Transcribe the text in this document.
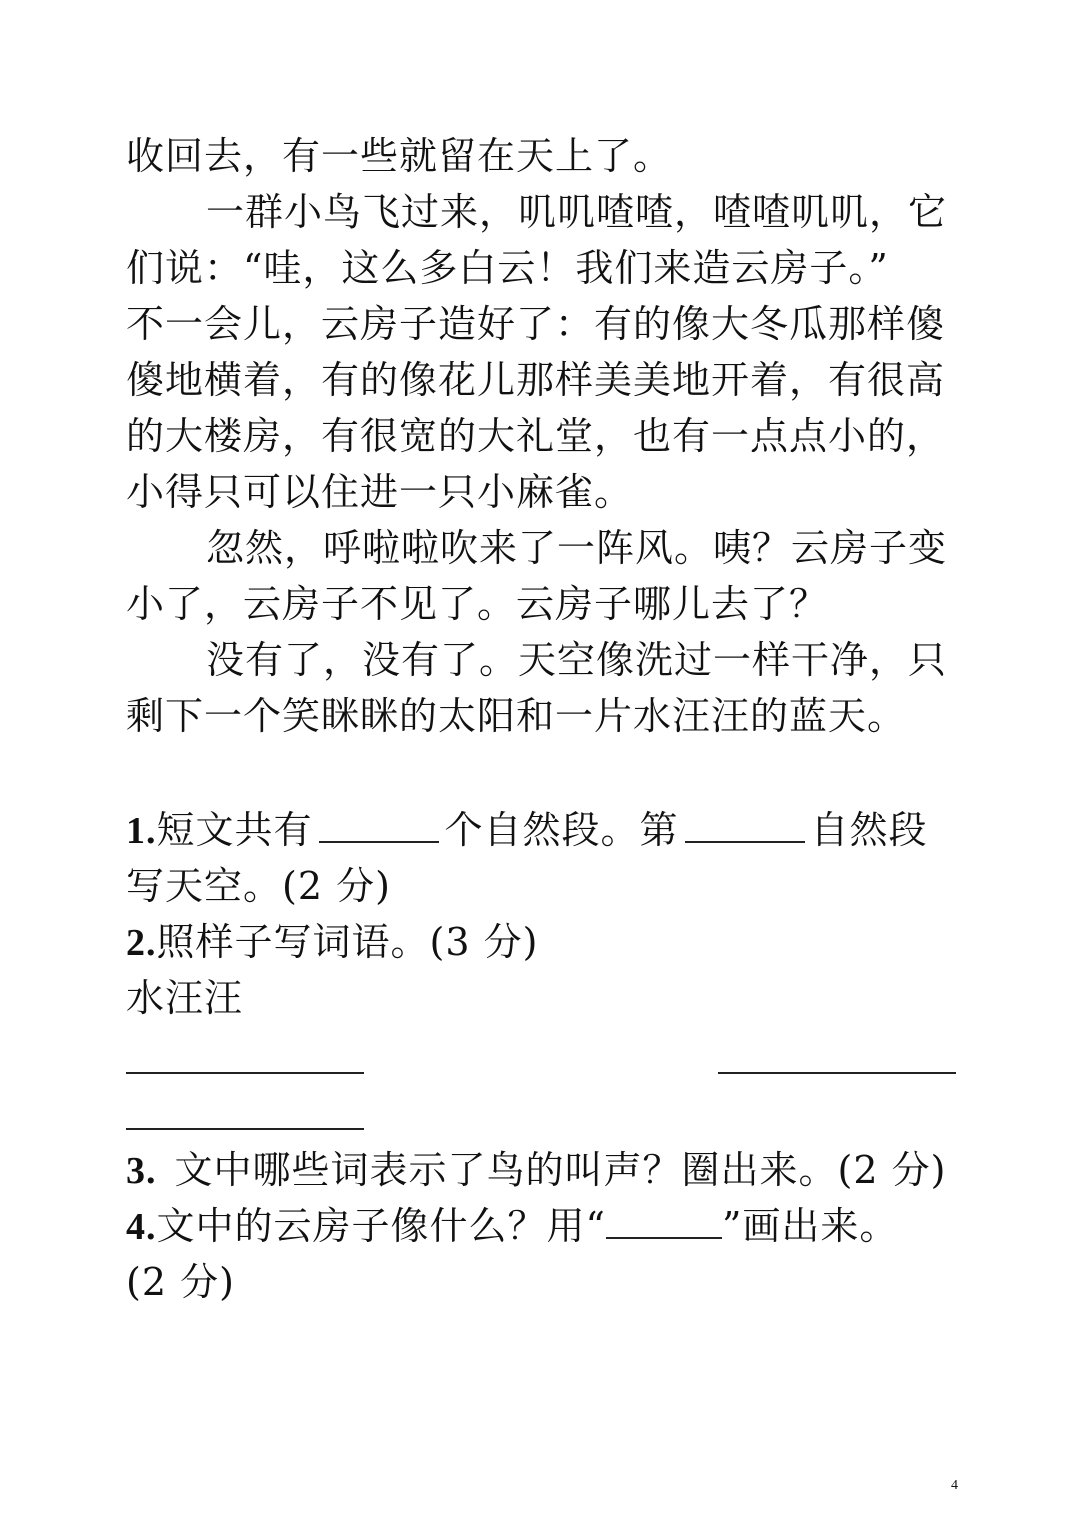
收回去，有一些就留在天上了。
一群小鸟飞过来，叽叽喳喳，喳喳叽叽，它
们说：“哇，这么多白云！我们来造云房子。”
不一会儿，云房子造好了：有的像大冬瓜那样傻
傻地横着，有的像花儿那样美美地开着，有很高
的大楼房，有很宽的大礼堂，也有一点点小的，
小得只可以住进一只小麻雀。
忽然，呼啦啦吹来了一阵风。咦？云房子变
小了，云房子不见了。云房子哪儿去了？
没有了，没有了。天空像洗过一样干净，只
剩下一个笑眯眯的太阳和一片水汪汪的蓝天。
1.短文共有	个自然段。第	自然段
写天空。(2 分)
2.照样子写词语。(3 分)
水汪汪
3. 文中哪些词表示了鸟的叫声？圈出来。(2 分)
4.文中的云房子像什么？用“	”画出来。
(2 分)
4
